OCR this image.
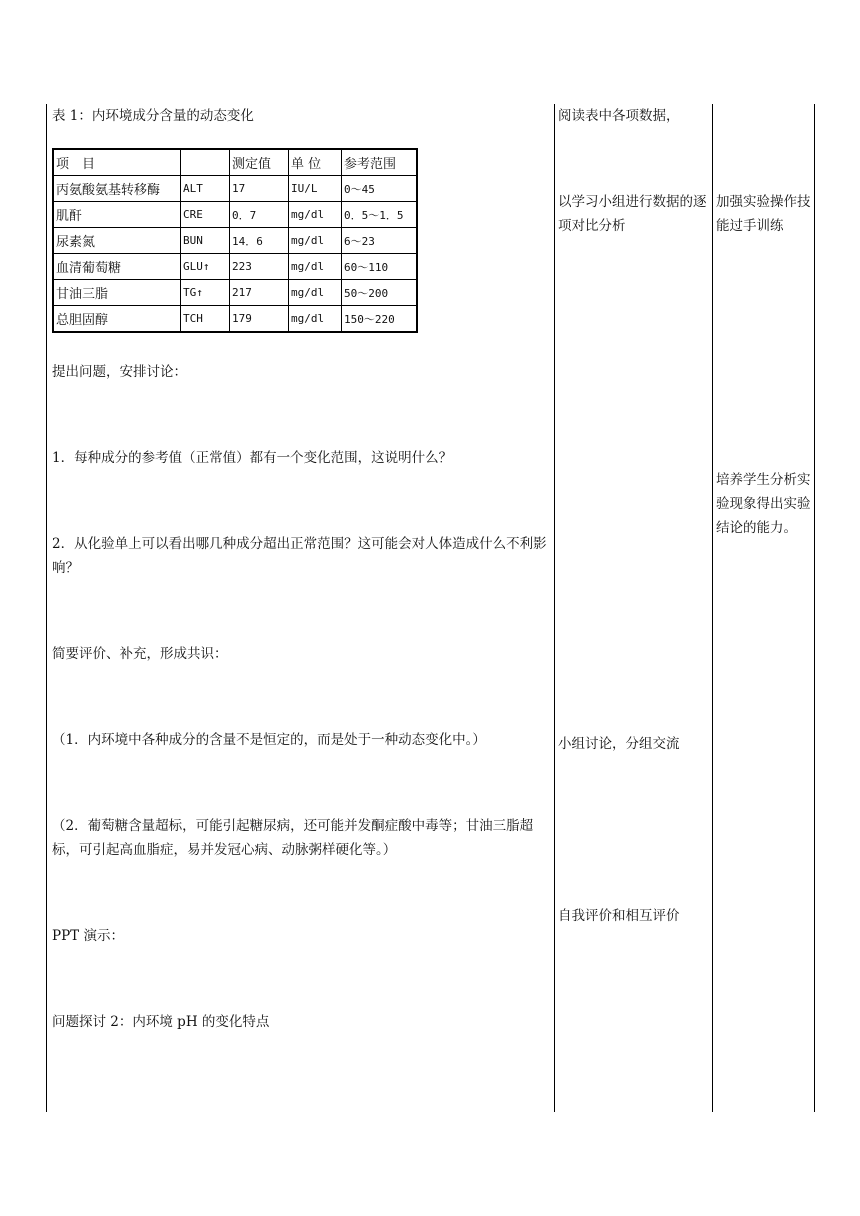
表 1：内环境成分含量的动态变化
项　目		测定值	单 位	参考范围
丙氨酸氨基转移酶	ALT	17	IU/L	0～45
肌酐	CRE	0．7	mg/dl	0．5～1．5
尿素氮	BUN	14．6	mg/dl	6～23
血清葡萄糖	GLU↑	223	mg/dl	60～110
甘油三脂	TG↑	217	mg/dl	50～200
总胆固醇	TCH	179	mg/dl	150～220
提出问题，安排讨论：
1．每种成分的参考值（正常值）都有一个变化范围，这说明什么？
2．从化验单上可以看出哪几种成分超出正常范围？这可能会对人体造成什么不利影响？
简要评价、补充，形成共识：
（1．内环境中各种成分的含量不是恒定的，而是处于一种动态变化中。）
（2．葡萄糖含量超标，可能引起糖尿病，还可能并发酮症酸中毒等；甘油三脂超标，可引起高血脂症，易并发冠心病、动脉粥样硬化等。）
PPT 演示：
问题探讨 2：内环境 pH 的变化特点
阅读表中各项数据，
以学习小组进行数据的逐项对比分析
小组讨论，分组交流
自我评价和相互评价
加强实验操作技能过手训练
培养学生分析实验现象得出实验结论的能力。
